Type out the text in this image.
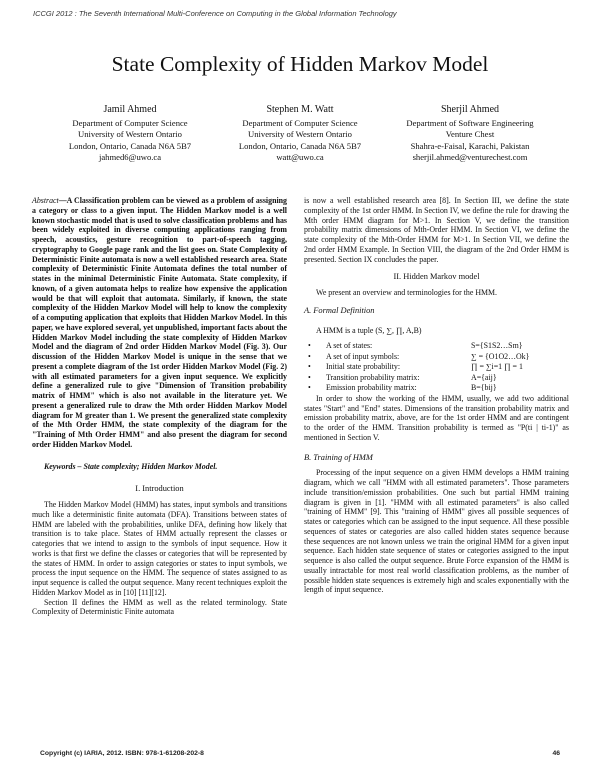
ICCGI 2012 : The Seventh International Multi-Conference on Computing in the Global Information Technology
State Complexity of Hidden Markov Model
Jamil Ahmed
Department of Computer Science
University of Western Ontario
London, Ontario, Canada N6A 5B7
jahmed6@uwo.ca
Stephen M. Watt
Department of Computer Science
University of Western Ontario
London, Ontario, Canada N6A 5B7
watt@uwo.ca
Sherjil Ahmed
Department of Software Engineering
Venture Chest
Shahra-e-Faisal, Karachi, Pakistan
sherjil.ahmed@venturechest.com

Abstract—A Classification problem can be viewed as a problem of assigning a category or class to a given input. The Hidden Markov model is a well known stochastic model that is used to solve classification problems and has been widely exploited in diverse computing applications ranging from speech, acoustics, gesture recognition to part-of-speech tagging, cryptography to Google page rank and the list goes on. State Complexity of Deterministic Finite automata is now a well established research area. State complexity of Deterministic Finite Automata defines the total number of states in the minimal Deterministic Finite Automata. State complexity, if known, of a given automata helps to realize how expensive the application would be that will exploit that automata. Similarly, if known, the state complexity of the Hidden Markov Model will help to know the complexity of a computing application that exploits that Hidden Markov Model. In this paper, we have explored several, yet unpublished, important facts about the Hidden Markov Model including the state complexity of Hidden Markov Model and the diagram of 2nd order Hidden Markov Model (Fig. 3). Our discussion of the Hidden Markov Model is unique in the sense that we present a complete diagram of the 1st order Hidden Markov Model (Fig. 2) with all estimated parameters for a given input sequence. We explicitly define a generalized rule to give "Dimension of Transition probability matrix of HMM" which is also not available in the literature yet. We present a generalized rule to draw the Mth order Hidden Markov Model diagram for M greater than 1. We present the generalized state complexity of the Mth Order HMM, the state complexity of the diagram for the "Training of Mth Order HMM" and also present the diagram for second order Hidden Markov Model.

Keywords – State complexity; Hidden Markov Model.

I. Introduction

The Hidden Markov Model (HMM) has states, input symbols and transitions much like a deterministic finite automata (DFA). Transitions between states of HMM are labeled with the probabilities, unlike DFA, defining how likely that transition is to take place. States of HMM actually represent the classes or categories that we intend to assign to the symbols of input sequence. How it works is that first we define the classes or categories that will be represented by the states of HMM. In order to assign categories or states to input symbols, we process the input sequence on the HMM. The sequence of states assigned to as input sequence is called the output sequence. Many recent techniques exploit the Hidden Markov Model as in [10] [11][12].

Section II defines the HMM as well as the related terminology. State Complexity of Deterministic Finite automata

is now a well established research area [8]. In Section III, we define the state complexity of the 1st order HMM. In Section IV, we define the rule for drawing the Mth order HMM diagram for M>1. In Section V, we define the transition probability matrix dimensions of Mth-Order HMM. In Section VI, we define the state complexity of the Mth-Order HMM for M>1. In Section VII, we define the 2nd order HMM Example. In Section VIII, the diagram of the 2nd Order HMM is presented. Section IX concludes the paper.

II. Hidden Markov model

We present an overview and terminologies for the HMM.

A. Formal Definition

A HMM is a tuple (S, ∑, ∏, A,B)

• A set of states:	S={S1S2…Sm}
• A set of input symbols:	∑ = {O1O2…Ok}
• Initial state probability:	∏ = ∑i=1 ∏ = 1
• Transition probability matrix:	A={aij}
• Emission probability matrix:	B={bij}

In order to show the working of the HMM, usually, we add two additional states "Start" and "End" states. Dimensions of the transition probability matrix and emission probability matrix, above, are for the 1st order HMM and are contingent to the order of the HMM. Transition probability is termed as "P(ti | ti-1)" as mentioned in Section V.

B. Training of HMM

Processing of the input sequence on a given HMM develops a HMM training diagram, which we call "HMM with all estimated parameters". Those parameters include transition/emission probabilities. One such but partial HMM training diagram is given in [1]. "HMM with all estimated parameters" is also called "training of HMM" [9]. This "training of HMM" gives all possible sequences of states or categories which can be assigned to the input sequence. All these possible sequences of states or categories are also called hidden states sequence because these sequences are not known unless we train the original HMM for a given input sequence. Each hidden state sequence of states or categories assigned to the input sequence is also called the output sequence. Brute Force expansion of the HMM is usually intractable for most real world classification problems, as the number of possible hidden state sequences is extremely high and scales exponentially with the length of input sequence.

Copyright (c) IARIA, 2012. ISBN: 978-1-61208-202-8	46
